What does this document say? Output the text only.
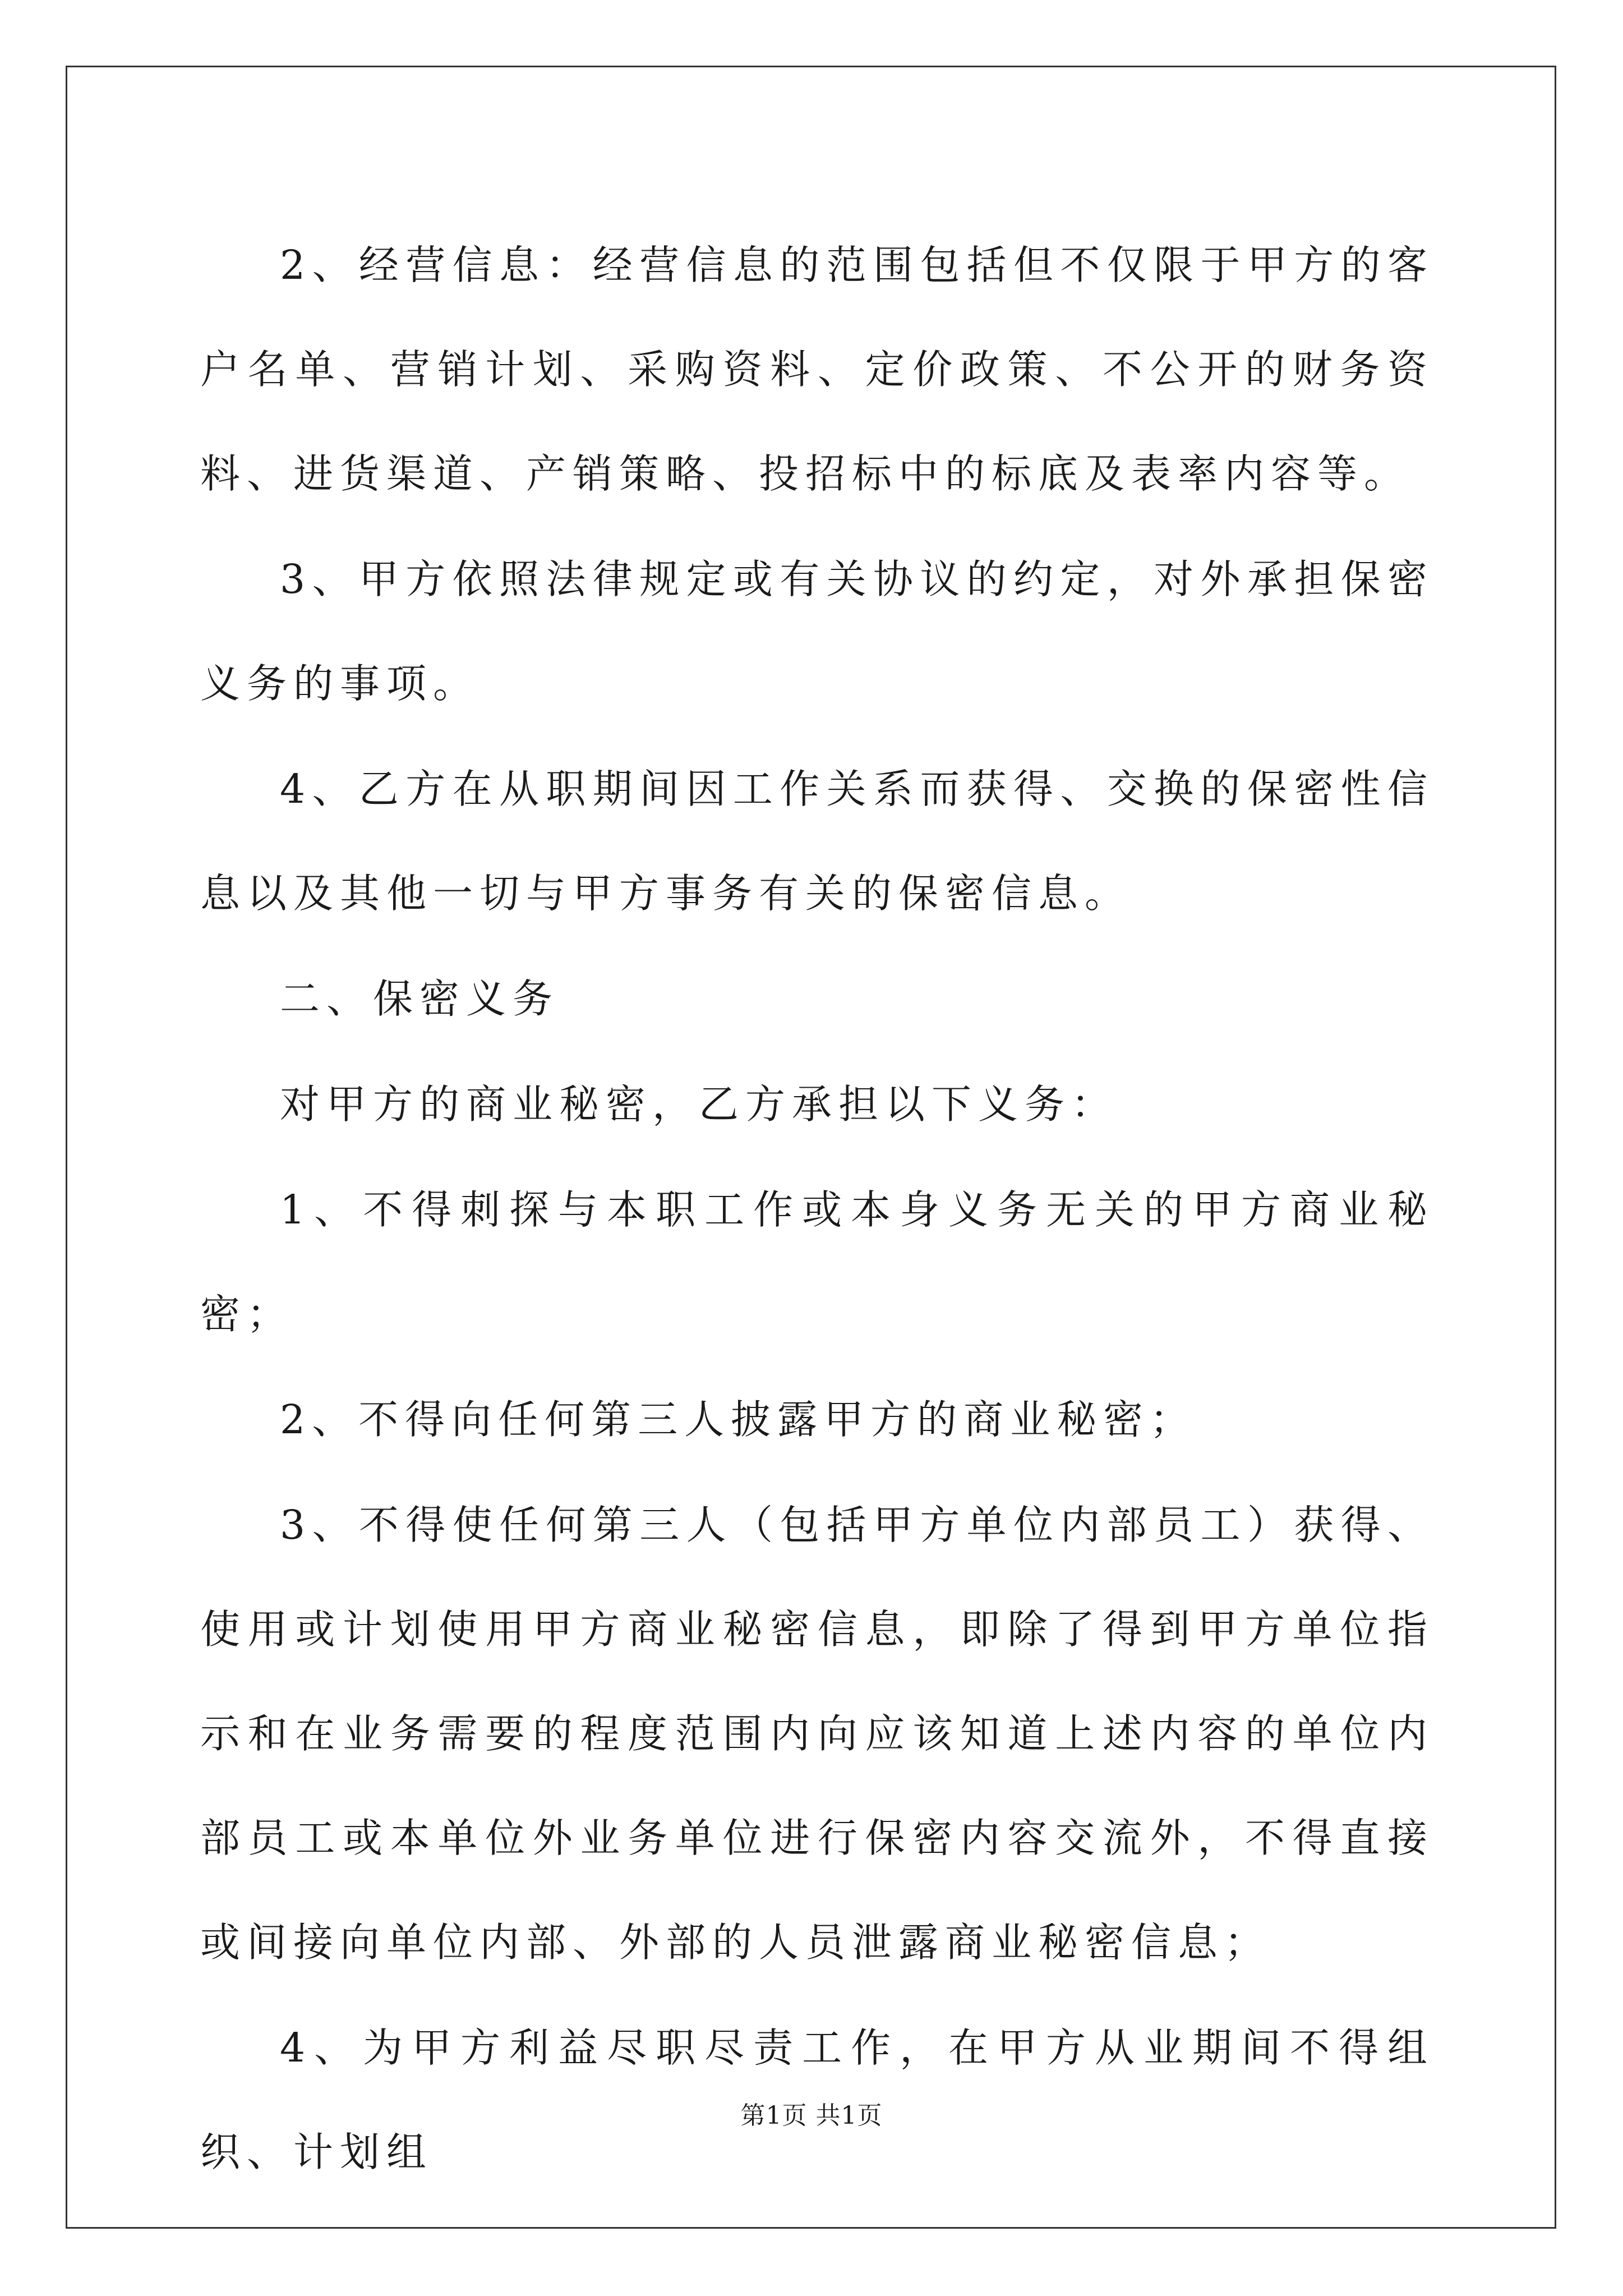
2、经营信息：经营信息的范围包括但不仅限于甲方的客户名单、营销计划、采购资料、定价政策、不公开的财务资料、进货渠道、产销策略、投招标中的标底及表率内容等。

3、甲方依照法律规定或有关协议的约定，对外承担保密义务的事项。

4、乙方在从职期间因工作关系而获得、交换的保密性信息以及其他一切与甲方事务有关的保密信息。

二、保密义务

对甲方的商业秘密，乙方承担以下义务：

1、不得刺探与本职工作或本身义务无关的甲方商业秘密；

2、不得向任何第三人披露甲方的商业秘密；

3、不得使任何第三人（包括甲方单位内部员工）获得、使用或计划使用甲方商业秘密信息，即除了得到甲方单位指示和在业务需要的程度范围内向应该知道上述内容的单位内部员工或本单位外业务单位进行保密内容交流外，不得直接或间接向单位内部、外部的人员泄露商业秘密信息；

4、为甲方利益尽职尽责工作，在甲方从业期间不得组织、计划组

第1页 共1页
